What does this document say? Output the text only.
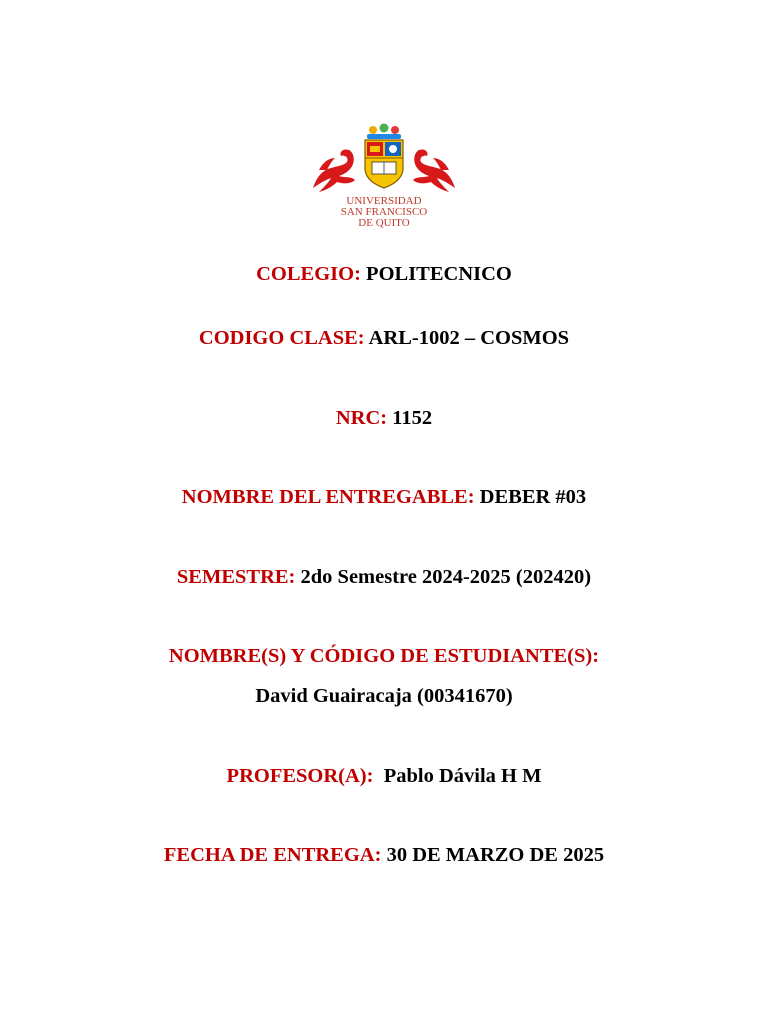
UNIVERSIDAD
SAN FRANCISCO
DE QUITO
COLEGIO: POLITECNICO
CODIGO CLASE: ARL-1002 – COSMOS
NRC: 1152
NOMBRE DEL ENTREGABLE: DEBER #03
SEMESTRE: 2do Semestre 2024-2025 (202420)
NOMBRE(S) Y CÓDIGO DE ESTUDIANTE(S):
David Guairacaja (00341670)
PROFESOR(A): Pablo Dávila H M
FECHA DE ENTREGA: 30 DE MARZO DE 2025
